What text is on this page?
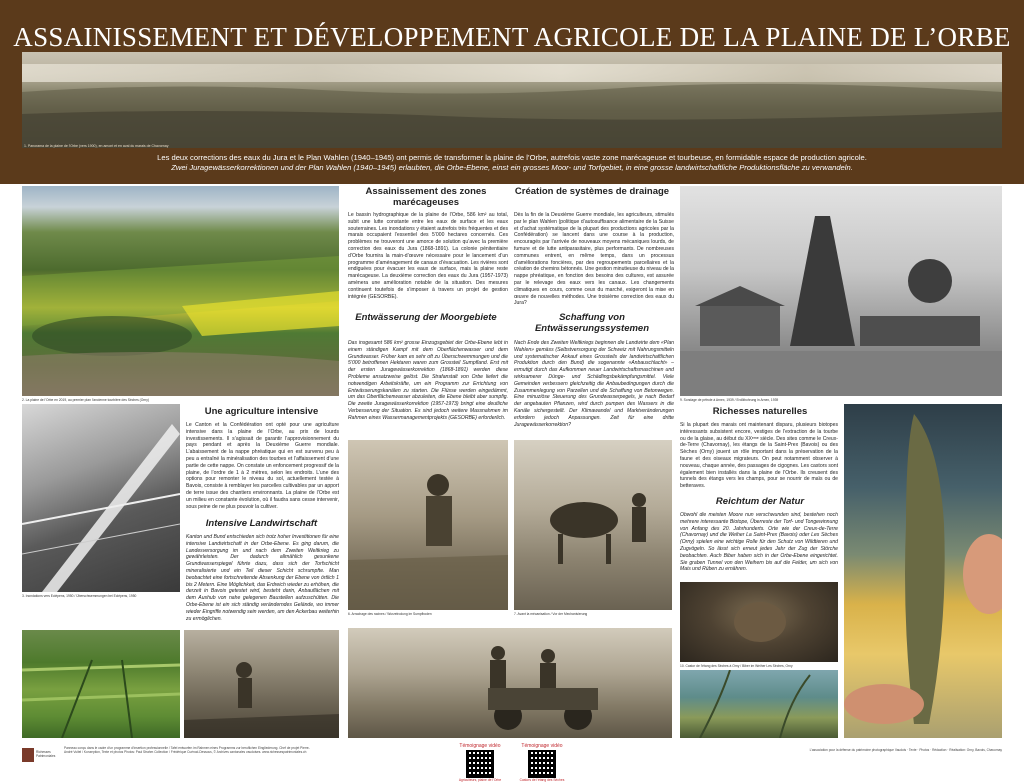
ASSAINISSEMENT ET DÉVELOPPEMENT AGRICOLE DE LA PLAINE DE L’ORBE
1. Panorama de la plaine de l'Orbe (vers 1900), en amont et en aval du marais de Chavornay
Les deux corrections des eaux du Jura et le Plan Wahlen (1940–1945) ont permis de transformer la plaine de l’Orbe, autrefois vaste zone marécageuse et tourbeuse, en formidable espace de production agricole.
Zwei Juragewässerkorrektionen und der Plan Wahlen (1940–1945) erlaubten, die Orbe-Ebene, einst ein grosses Moor- und Torfgebiet, in eine grosse landwirtschaftliche Produktionsfläche zu verwandeln.
2. La plaine de l’Orbe en 2019, au premier plan l’ancienne tourbière des Sèches (Orny)
3. Inondations vers Eclépens, 1950 / Überschwemmungen bei Eclépens, 1950
Une agriculture intensive
Le Canton et la Confédération ont opté pour une agriculture intensive dans la plaine de l’Orbe, au prix de lourds investissements. Il s’agissait de garantir l’approvisionnement du pays pendant et après la Deuxième Guerre mondiale. L’abaissement de la nappe phréatique qui en est survenu peu à peu a entraîné la minéralisation des tourbes et l’affaissement d’une partie de cette nappe. On constate un enfoncement progressif de la plaine, de l’ordre de 1 à 2 mètres, selon les endroits. L’une des options pour remonter le niveau du sol, actuellement testée à Bavois, consiste à remblayer les parcelles cultivables par un apport de terre issue des chantiers environnants. La plaine de l’Orbe est un milieu en constante évolution, où il faudra sans cesse intervenir, sous peine de ne plus pouvoir la cultiver.
Intensive Landwirtschaft
Kanton und Bund entschieden sich trotz hoher Investitionen für eine intensive Landwirtschaft in der Orbe-Ebene. Es ging darum, die Landesversorgung im und nach dem Zweiten Weltkrieg zu gewährleisten. Der dadurch allmählich gesunkene Grundwasserspiegel führte dazu, dass sich der Torfschicht mineralisierte und ein Teil dieser Schicht schrumpfte. Man beobachtet eine fortschreitende Absenkung der Ebene von örtlich 1 bis 2 Metern. Eine Möglichkeit, das Erdreich wieder zu erhöhen, die derzeit in Bavois getestet wird, besteht darin, Anbauflächen mit dem Aushub von nahe gelegenen Baustellen aufzuschütten. Die Orbe-Ebene ist ein sich ständig veränderndes Gelände, wo immer wieder Eingriffe notwendig sein werden, um den Ackerbau weiterhin zu ermöglichen.
Assainissement des zones marécageuses
Le bassin hydrographique de la plaine de l’Orbe, 586 km² au total, subit une lutte constante entre les eaux de surface et les eaux souterraines. Les inondations y étaient autrefois très fréquentes et des marais occupaient l’essentiel des 5’000 hectares concernés. Ces problèmes ne trouveront une amorce de solution qu’avec la première correction des eaux du Jura (1868-1891). La colonie pénitentiaire d’Orbe fournira la main-d’œuvre nécessaire pour le lancement d’un programme d’aménagement de canaux d’évacuation. Les rivières sont endiguées pour évacuer les eaux de surface, mais la plaine reste marécageuse. La deuxième correction des eaux du Jura (1957-1973) amènera une amélioration notable de la situation. Des mesures continuent toutefois de s’imposer à travers un projet de gestion intégrée (GESORBE).
Entwässerung der Moorgebiete
Das insgesamt 586 km² grosse Einzugsgebiet der Orbe-Ebene lebt in einem ständigen Kampf mit dem Oberflächenwasser und dem Grundwasser. Früher kam es sehr oft zu Überschwemmungen und die 5’000 betroffenen Hektaren waren zum Grossteil Sumpfland. Erst mit der ersten Juragewässerkorrektion (1868-1891) werden diese Probleme ansatzweise gelöst. Die Strafanstalt von Orbe liefert die notwendigen Arbeitskräfte, um ein Programm zur Errichtung von Entwässerungskanälen zu starten. Die Flüsse werden eingedämmt, um das Oberflächenwasser abzuleiten, die Ebene bleibt aber sumpfig. Die zweite Juragewässerkorrektion (1957-1973) bringt eine deutliche Verbesserung der Situation. Es sind jedoch weitere Massnahmen im Rahmen eines Wassermanagementprojekts (GESORBE) erforderlich.
6. Arrachage des racines / Wurzelrodung im Sumpfboden
Création de systèmes de drainage
Dès la fin de la Deuxième Guerre mondiale, les agriculteurs, stimulés par le plan Wahlen (politique d’autosuffisance alimentaire de la Suisse et d’achat systématique de la plupart des productions agricoles par la Confédération) se lancent dans une course à la production, encouragés par l’arrivée de nouveaux moyens mécaniques lourds, de fumure et de lutte antiparasitaire, plus performants. De nombreuses communes entrent, en même temps, dans un processus d’améliorations foncières, par des regroupements parcellaires et la création de chemins bétonnés. Une gestion minutieuse du niveau de la nappe phréatique, en fonction des besoins des cultures, est assurée par le relevage des eaux vers les canaux. Les changements climatiques en cours, comme ceux du marché, exigeront la mise en œuvre de nouvelles méthodes. Une troisième correction des eaux du Jura?
Schaffung von Entwässerungssystemen
Nach Ende des Zweiten Weltkriegs beginnen die Landwirte dem «Plan Wahlen» gemäss (Selbstversorgung der Schweiz mit Nahrungsmitteln und systematischer Ankauf eines Grossteils der landwirtschaftlichen Produktion durch den Bund) die sogenannte «Anbauschlacht» – ermutigt durch das Aufkommen neuer Landwirtschaftsmaschinen und wirksamerer Dünge- und Schädlingsbekämpfungsmittel. Viele Gemeinden verbessern gleichzeitig die Anbaubedingungen durch die Zusammenlegung von Parzellen und die Schaffung von Betonwegen. Eine minuziöse Steuerung des Grundwasserpegels, je nach Bedarf der angebauten Pflanzen, wird durch pumpen des Wassers in die Kanäle sichergestellt. Der Klimawandel und Marktveränderungen erfordern jedoch Anpassungen. Zeit für eine dritte Juragewässerkorrektion?
7. Avant la mécanisation / Vor der Mechanisierung
9. Sondage de pétrole à Arnex, 1939 / Erdölbohrung in Arnex, 1939
Richesses naturelles
Si la plupart des marais ont maintenant disparu, plusieurs biotopes intéressants subsistent encore, vestiges de l’extraction de la tourbe ou de la glaise, au début du XXᵉᵐᵉ siècle. Des sites comme le Creux-de-Terre (Chavornay), les étangs de la Saint-Prex (Bavois) ou des Sèches (Orny) jouent un rôle important dans la préservation de la faune et des oiseaux migrateurs. On peut notamment observer à nouveau, chaque année, des passages de cigognes. Les castors sont également bien installés dans la plaine de l’Orbe. Ils creusent des tunnels des étangs vers les champs, pour se nourrir de maïs ou de betteraves.
Reichtum der Natur
Obwohl die meisten Moore nun verschwunden sind, bestehen noch mehrere interessante Biotope, Überreste der Torf- und Tongewinnung von Anfang des 20. Jahrhunderts. Orte wie der Creux-de-Terre (Chavornay) und die Weiher La Saint-Prex (Bavois) oder Les Sèches (Orny) spielen eine wichtige Rolle für den Schutz von Wildtieren und Zugvögeln. So lässt sich erneut jedes Jahr der Zug der Störche beobachten. Auch Biber haben sich in der Orbe-Ebene eingerichtet. Sie graben Tunnel von den Weihern bis auf die Felder, um sich von Mais und Rüben zu ernähren.
10. Castor de l’étang des Sèches à Orny / Biber im Weiher Les Sèches, Orny
Richesses Patrimoniales
Panneau conçu dans le cadre d’un programme d’insertion professionnelle / Tafel entworfen im Rahmen eines Programms zur beruflichen Eingliederung. Chef de projet Pierre-André Vuitel / Konzeption, Texte et photos Photos: Paul Strahm Collection / Frédérique Cuénod-Dessous, © Archives cantonales vaudoises. www.richessespatrimoniales.ch
Témoignage vidéo
Agriculteurs, plaine de l’Orbe
Témoignage vidéo
Castors de l’étang des Sèches
L’association pour la défense du patrimoine photographique Vaudois · Texte · Photos · Rédaction · Réalisation: Orny, Bavois, Chavornay
